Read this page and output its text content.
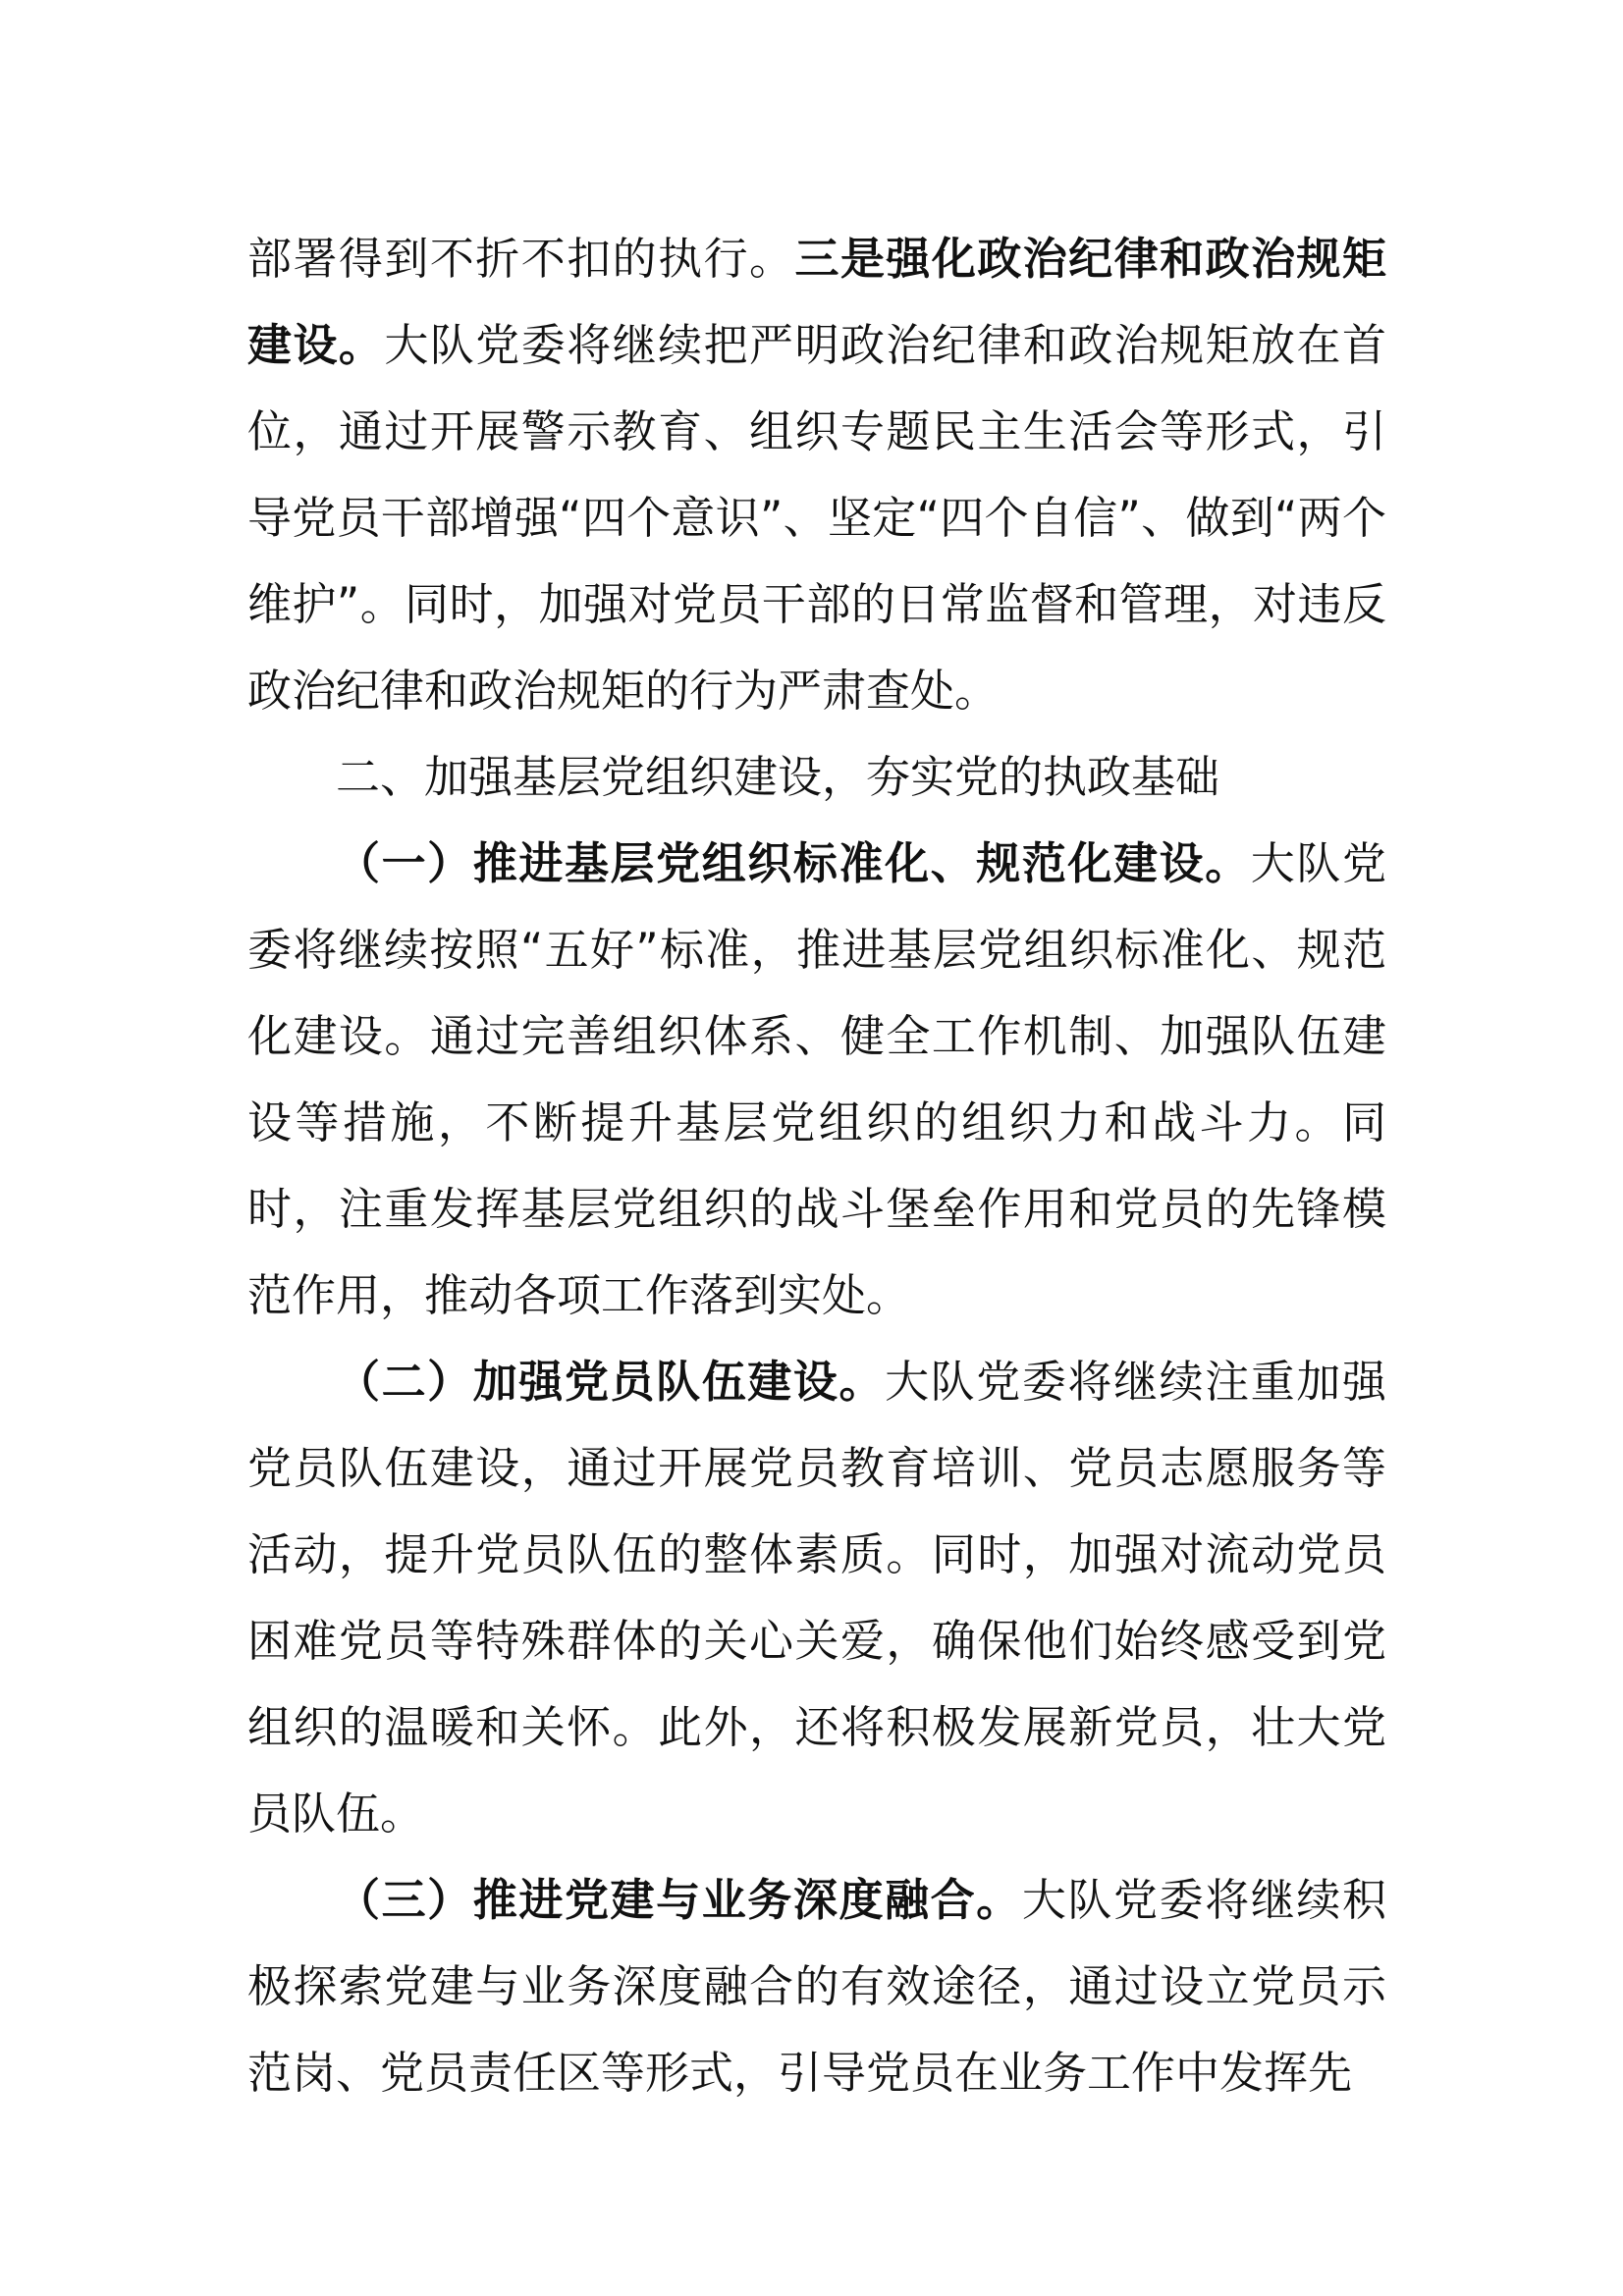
部署得到不折不扣的执行。三是强化政治纪律和政治规矩建设。大队党委将继续把严明政治纪律和政治规矩放在首位，通过开展警示教育、组织专题民主生活会等形式，引导党员干部增强“四个意识”、坚定“四个自信”、做到“两个维护”。同时，加强对党员干部的日常监督和管理，对违反政治纪律和政治规矩的行为严肃查处。

二、加强基层党组织建设，夯实党的执政基础

（一）推进基层党组织标准化、规范化建设。大队党委将继续按照“五好”标准，推进基层党组织标准化、规范化建设。通过完善组织体系、健全工作机制、加强队伍建设等措施，不断提升基层党组织的组织力和战斗力。同时，注重发挥基层党组织的战斗堡垒作用和党员的先锋模范作用，推动各项工作落到实处。

（二）加强党员队伍建设。大队党委将继续注重加强党员队伍建设，通过开展党员教育培训、党员志愿服务等活动，提升党员队伍的整体素质。同时，加强对流动党员困难党员等特殊群体的关心关爱，确保他们始终感受到党组织的温暖和关怀。此外，还将积极发展新党员，壮大党员队伍。

（三）推进党建与业务深度融合。大队党委将继续积极探索党建与业务深度融合的有效途径，通过设立党员示范岗、党员责任区等形式，引导党员在业务工作中发挥先
